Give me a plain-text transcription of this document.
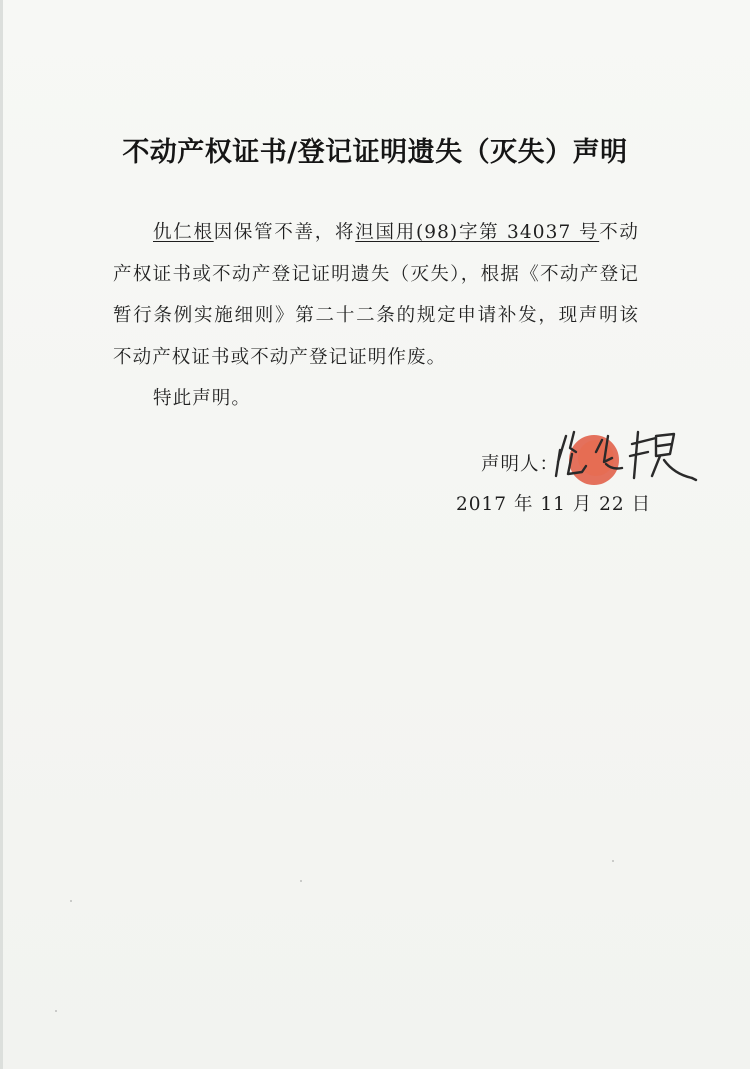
不动产权证书/登记证明遗失（灭失）声明

仇仁根因保管不善，将泹国用(98)字第 34037 号不动产权证书或不动产登记证明遗失（灭失），根据《不动产登记暂行条例实施细则》第二十二条的规定申请补发，现声明该不动产权证书或不动产登记证明作废。

特此声明。

声明人：
2017 年 11 月 22 日
